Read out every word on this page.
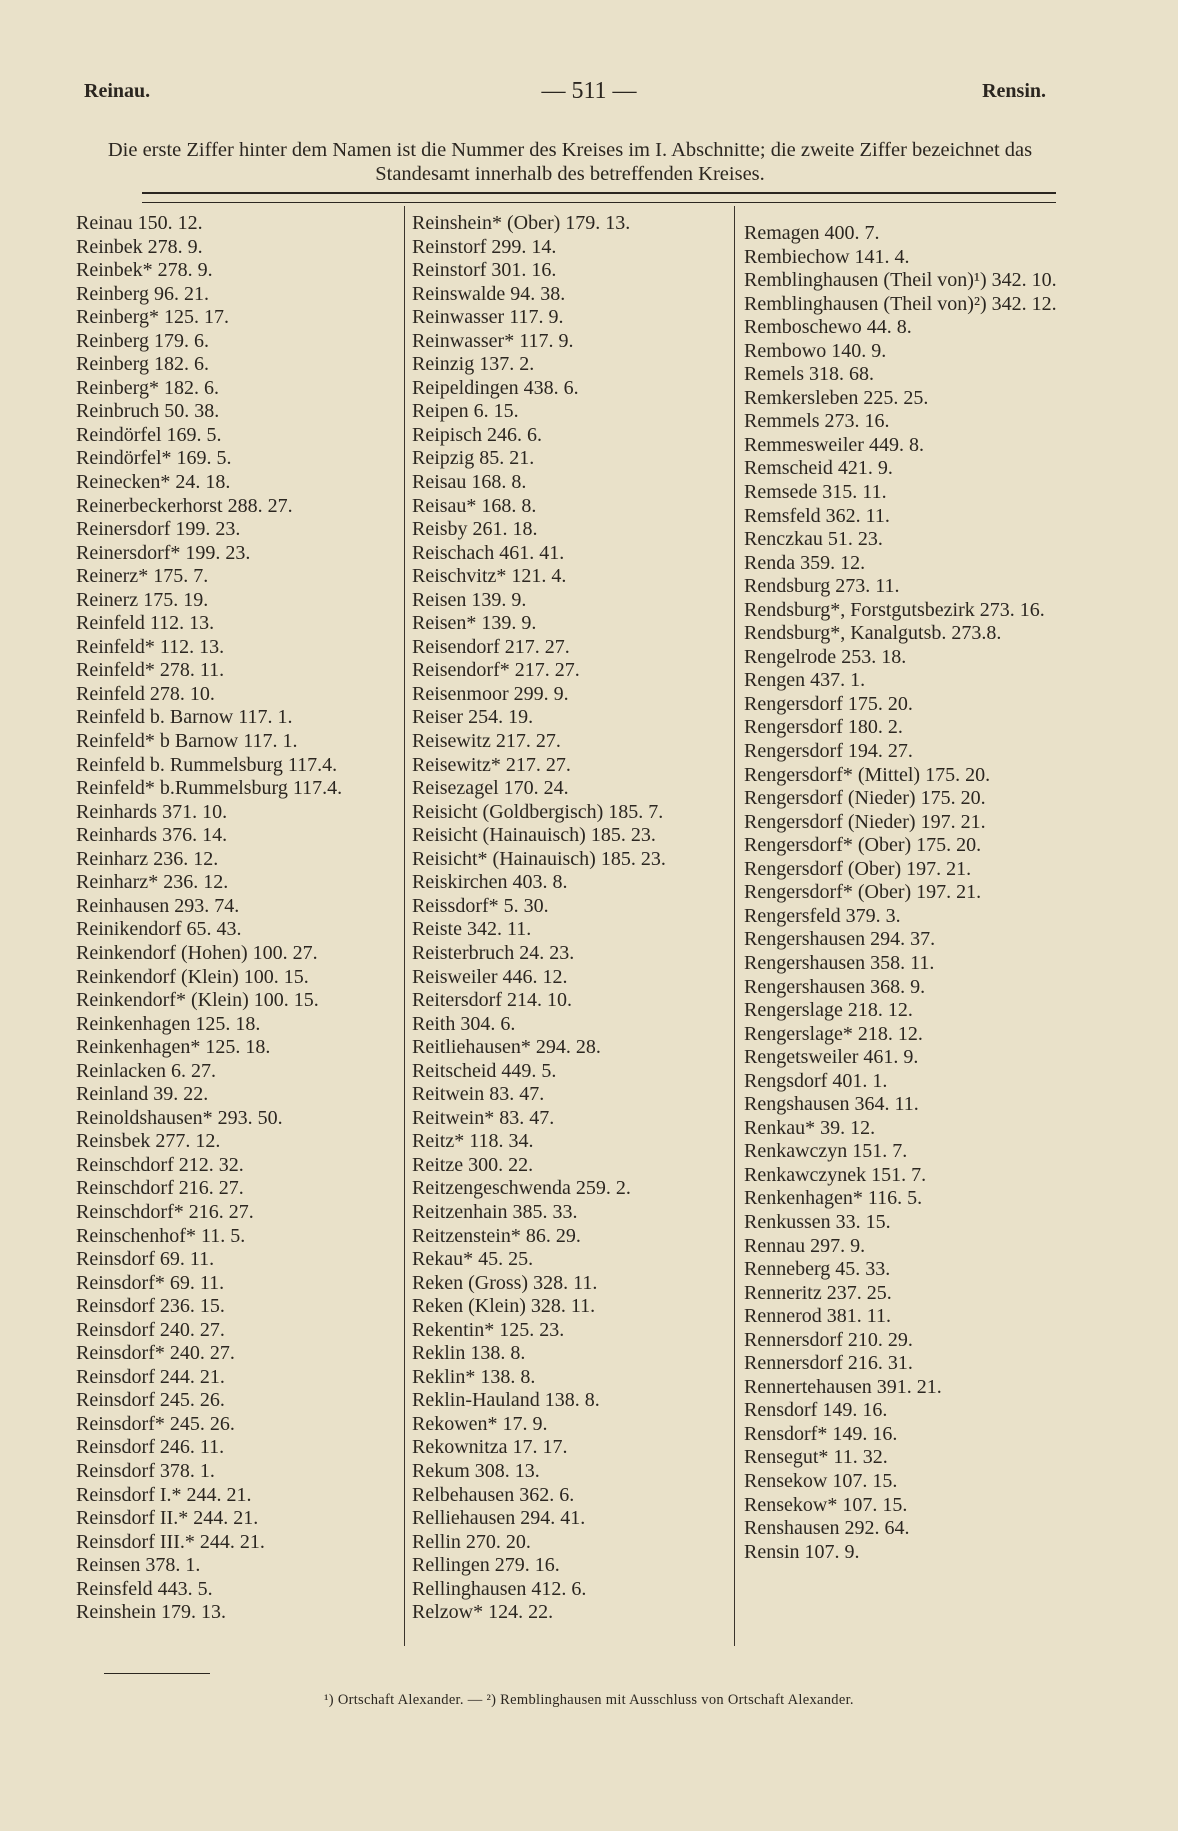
Reinau.	— 511 —	Rensin.
Die erste Ziffer hinter dem Namen ist die Nummer des Kreises im I. Abschnitte; die zweite Ziffer bezeichnet das Standesamt innerhalb des betreffenden Kreises.
Reinau 150. 12.
Reinbek 278. 9.
Reinbek* 278. 9.
Reinberg 96. 21.
Reinberg* 125. 17.
Reinberg 179. 6.
Reinberg 182. 6.
Reinberg* 182. 6.
Reinbruch 50. 38.
Reindörfel 169. 5.
Reindörfel* 169. 5.
Reinecken* 24. 18.
Reinerbeckerhorst 288. 27.
Reinersdorf 199. 23.
Reinersdorf* 199. 23.
Reinerz* 175. 7.
Reinerz 175. 19.
Reinfeld 112. 13.
Reinfeld* 112. 13.
Reinfeld* 278. 11.
Reinfeld 278. 10.
Reinfeld b. Barnow 117. 1.
Reinfeld* b Barnow 117. 1.
Reinfeld b. Rummelsburg 117.4.
Reinfeld* b.Rummelsburg 117.4.
Reinhards 371. 10.
Reinhards 376. 14.
Reinharz 236. 12.
Reinharz* 236. 12.
Reinhausen 293. 74.
Reinikendorf 65. 43.
Reinkendorf (Hohen) 100. 27.
Reinkendorf (Klein) 100. 15.
Reinkendorf* (Klein) 100. 15.
Reinkenhagen 125. 18.
Reinkenhagen* 125. 18.
Reinlacken 6. 27.
Reinland 39. 22.
Reinoldshausen* 293. 50.
Reinsbek 277. 12.
Reinschdorf 212. 32.
Reinschdorf 216. 27.
Reinschdorf* 216. 27.
Reinschenhof* 11. 5.
Reinsdorf 69. 11.
Reinsdorf* 69. 11.
Reinsdorf 236. 15.
Reinsdorf 240. 27.
Reinsdorf* 240. 27.
Reinsdorf 244. 21.
Reinsdorf 245. 26.
Reinsdorf* 245. 26.
Reinsdorf 246. 11.
Reinsdorf 378. 1.
Reinsdorf I.* 244. 21.
Reinsdorf II.* 244. 21.
Reinsdorf III.* 244. 21.
Reinsen 378. 1.
Reinsfeld 443. 5.
Reinshein 179. 13.
Reinshein* (Ober) 179. 13.
Reinstorf 299. 14.
Reinstorf 301. 16.
Reinswalde 94. 38.
Reinwasser 117. 9.
Reinwasser* 117. 9.
Reinzig 137. 2.
Reipeldingen 438. 6.
Reipen 6. 15.
Reipisch 246. 6.
Reipzig 85. 21.
Reisau 168. 8.
Reisau* 168. 8.
Reisby 261. 18.
Reischach 461. 41.
Reischvitz* 121. 4.
Reisen 139. 9.
Reisen* 139. 9.
Reisendorf 217. 27.
Reisendorf* 217. 27.
Reisenmoor 299. 9.
Reiser 254. 19.
Reisewitz 217. 27.
Reisewitz* 217. 27.
Reisezagel 170. 24.
Reisicht (Goldbergisch) 185. 7.
Reisicht (Hainauisch) 185. 23.
Reisicht* (Hainauisch) 185. 23.
Reiskirchen 403. 8.
Reissdorf* 5. 30.
Reiste 342. 11.
Reisterbruch 24. 23.
Reisweiler 446. 12.
Reitersdorf 214. 10.
Reith 304. 6.
Reitliehausen* 294. 28.
Reitscheid 449. 5.
Reitwein 83. 47.
Reitwein* 83. 47.
Reitz* 118. 34.
Reitze 300. 22.
Reitzengeschwenda 259. 2.
Reitzenhain 385. 33.
Reitzenstein* 86. 29.
Rekau* 45. 25.
Reken (Gross) 328. 11.
Reken (Klein) 328. 11.
Rekentin* 125. 23.
Reklin 138. 8.
Reklin* 138. 8.
Reklin-Hauland 138. 8.
Rekowen* 17. 9.
Rekownitza 17. 17.
Rekum 308. 13.
Relbehausen 362. 6.
Relliehausen 294. 41.
Rellin 270. 20.
Rellingen 279. 16.
Rellinghausen 412. 6.
Relzow* 124. 22.
Remagen 400. 7.
Rembiechow 141. 4.
Remblinghausen (Theil von)¹) 342. 10.
Remblinghausen (Theil von)²) 342. 12.
Remboschewo 44. 8.
Rembowo 140. 9.
Remels 318. 68.
Remkersleben 225. 25.
Remmels 273. 16.
Remmesweiler 449. 8.
Remscheid 421. 9.
Remsede 315. 11.
Remsfeld 362. 11.
Renczkau 51. 23.
Renda 359. 12.
Rendsburg 273. 11.
Rendsburg*, Forstgutsbezirk 273. 16.
Rendsburg*, Kanalgutsb. 273.8.
Rengelrode 253. 18.
Rengen 437. 1.
Rengersdorf 175. 20.
Rengersdorf 180. 2.
Rengersdorf 194. 27.
Rengersdorf* (Mittel) 175. 20.
Rengersdorf (Nieder) 175. 20.
Rengersdorf (Nieder) 197. 21.
Rengersdorf* (Ober) 175. 20.
Rengersdorf (Ober) 197. 21.
Rengersdorf* (Ober) 197. 21.
Rengersfeld 379. 3.
Rengershausen 294. 37.
Rengershausen 358. 11.
Rengershausen 368. 9.
Rengerslage 218. 12.
Rengerslage* 218. 12.
Rengetsweiler 461. 9.
Rengsdorf 401. 1.
Rengshausen 364. 11.
Renkau* 39. 12.
Renkawczyn 151. 7.
Renkawczynek 151. 7.
Renkenhagen* 116. 5.
Renkussen 33. 15.
Rennau 297. 9.
Renneberg 45. 33.
Renneritz 237. 25.
Rennerod 381. 11.
Rennersdorf 210. 29.
Rennersdorf 216. 31.
Rennertehausen 391. 21.
Rensdorf 149. 16.
Rensdorf* 149. 16.
Rensegut* 11. 32.
Rensekow 107. 15.
Rensekow* 107. 15.
Renshausen 292. 64.
Rensin 107. 9.
¹) Ortschaft Alexander. — ²) Remblinghausen mit Ausschluss von Ortschaft Alexander.
